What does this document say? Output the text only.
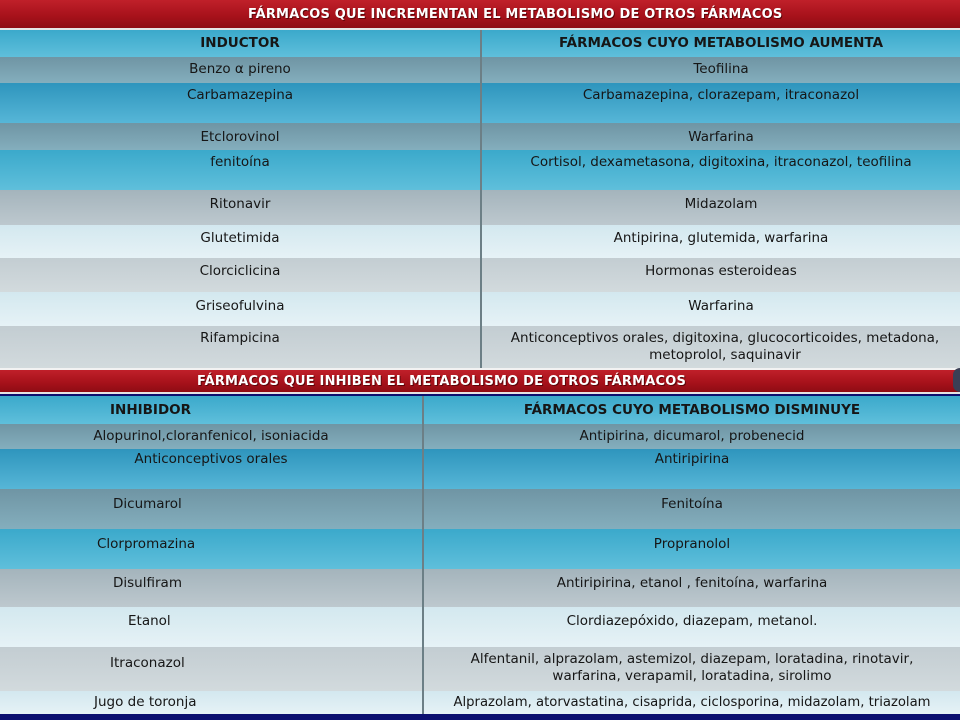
FÁRMACOS QUE INCREMENTAN EL METABOLISMO DE OTROS FÁRMACOS
INDUCTOR	FÁRMACOS CUYO METABOLISMO AUMENTA
Benzo α pireno	Teofilina
Carbamazepina	Carbamazepina, clorazepam, itraconazol
Etclorovinol	Warfarina
fenitoína	Cortisol, dexametasona, digitoxina, itraconazol, teofilina
Ritonavir	Midazolam
Glutetimida	Antipirina, glutemida, warfarina
Clorciclicina	Hormonas esteroideas
Griseofulvina	Warfarina
Rifampicina	Anticonceptivos orales, digitoxina, glucocorticoides, metadona, metoprolol, saquinavir
FÁRMACOS QUE INHIBEN EL METABOLISMO DE OTROS FÁRMACOS
INHIBIDOR	FÁRMACOS CUYO METABOLISMO DISMINUYE
Alopurinol,cloranfenicol, isoniacida	Antipirina, dicumarol, probenecid
Anticonceptivos orales	Antiripirina
Dicumarol	Fenitoína
Clorpromazina	Propranolol
Disulfiram	Antiripirina, etanol , fenitoína, warfarina
Etanol	Clordiazepóxido, diazepam, metanol.
Itraconazol	Alfentanil, alprazolam, astemizol, diazepam, loratadina, rinotavir, warfarina, verapamil, loratadina, sirolimo
Jugo de toronja	Alprazolam, atorvastatina, cisaprida, ciclosporina, midazolam, triazolam
